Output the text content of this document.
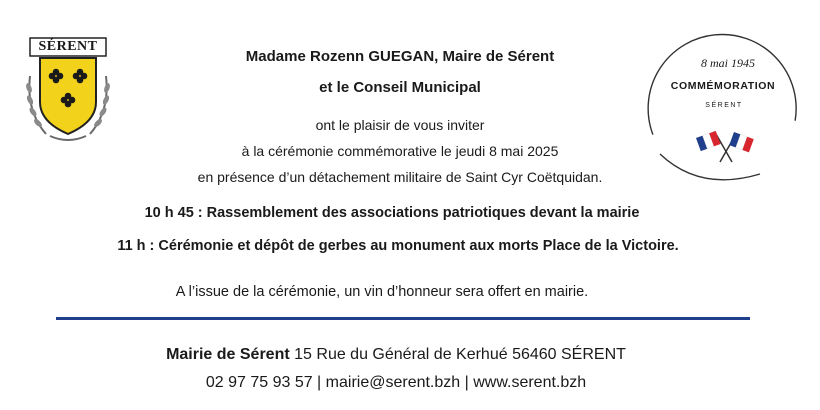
SÉRENT
Madame Rozenn GUEGAN, Maire de Sérent
et le Conseil Municipal
ont le plaisir de vous inviter
à la cérémonie commémorative le jeudi 8 mai 2025
en présence d’un détachement militaire de Saint Cyr Coëtquidan.
10 h 45 : Rassemblement des associations patriotiques devant la mairie
11 h : Cérémonie et dépôt de gerbes au monument aux morts Place de la Victoire.
A l’issue de la cérémonie, un vin d’honneur sera offert en mairie.
Mairie de Sérent 15 Rue du Général de Kerhué 56460 SÉRENT
02 97 75 93 57 | mairie@serent.bzh | www.serent.bzh
8 mai 1945
COMMÉMORATION
SÉRENT
